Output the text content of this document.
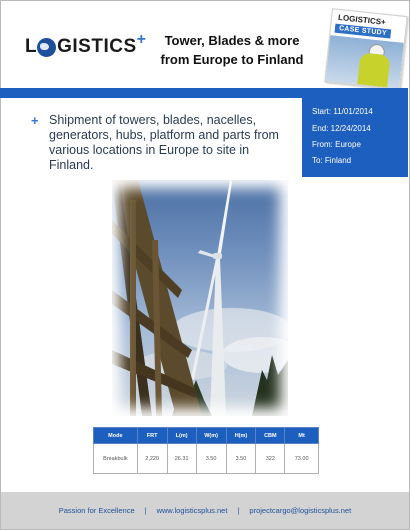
L GISTICS +	Tower, Blades & more
from Europe to Finland
LOGISTICS+
CASE STUDY
Start: 11/01/2014
End: 12/24/2014
From: Europe
To: Finland
+ Shipment of towers, blades, nacelles, generators, hubs, platform and parts from various locations in Europe to site in Finland.
Mode	FRT	L(m)	W(m)	H(m)	CBM	Mt
Breakbulk	2,220	26.31	3.50	3.50	322	73.00
Passion for Excellence | www.logisticsplus.net | projectcargo@logisticsplus.net
